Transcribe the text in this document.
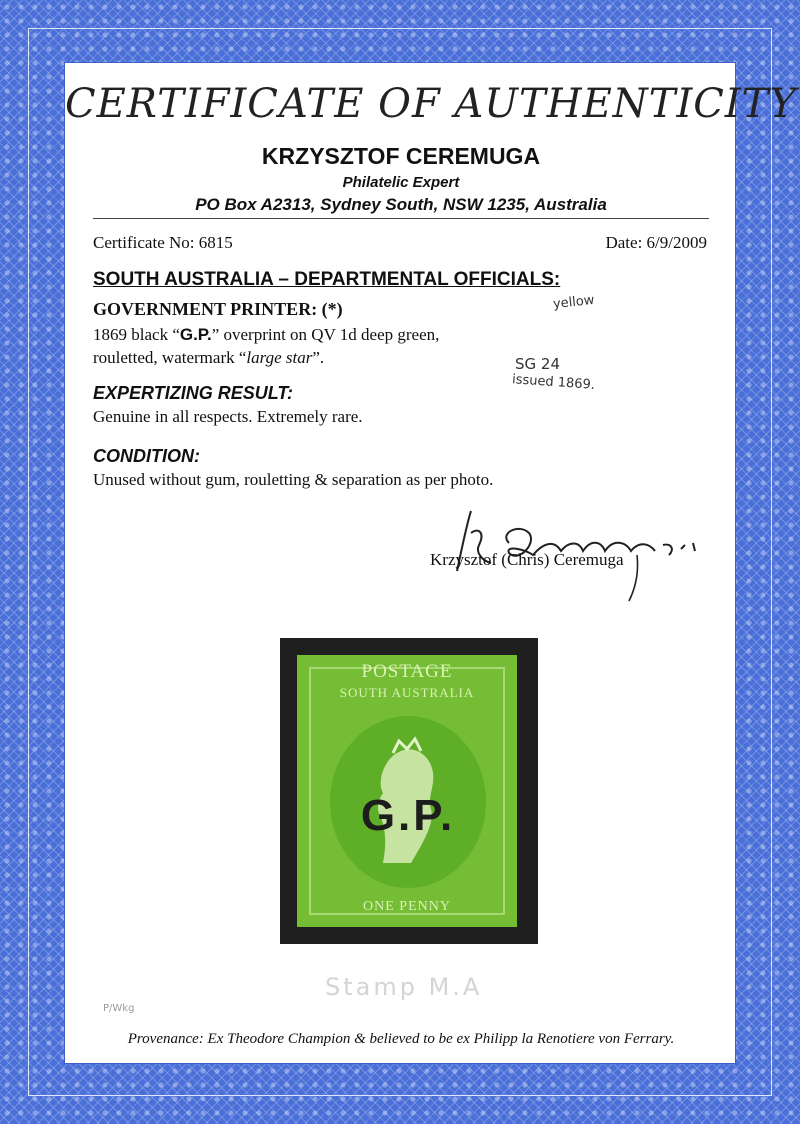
CERTIFICATE OF AUTHENTICITY
KRZYSZTOF CEREMUGA
Philatelic Expert
PO Box A2313, Sydney South, NSW 1235, Australia
Certificate No: 6815	Date: 6/9/2009
SOUTH AUSTRALIA – DEPARTMENTAL OFFICIALS:
GOVERNMENT PRINTER: (*)
1869 black “G.P.” overprint on QV 1d deep green,
rouletted, watermark “large star”.
yellow
SG 24
issued 1869.
EXPERTIZING RESULT:
Genuine in all respects. Extremely rare.
CONDITION:
Unused without gum, rouletting & separation as per photo.
Krzysztof (Chris) Ceremuga
POSTAGE
SOUTH AUSTRALIA
G.P.
ONE PENNY
Stamp M.A
P/Wkg
Provenance: Ex Theodore Champion & believed to be ex Philipp la Renotiere von Ferrary.
